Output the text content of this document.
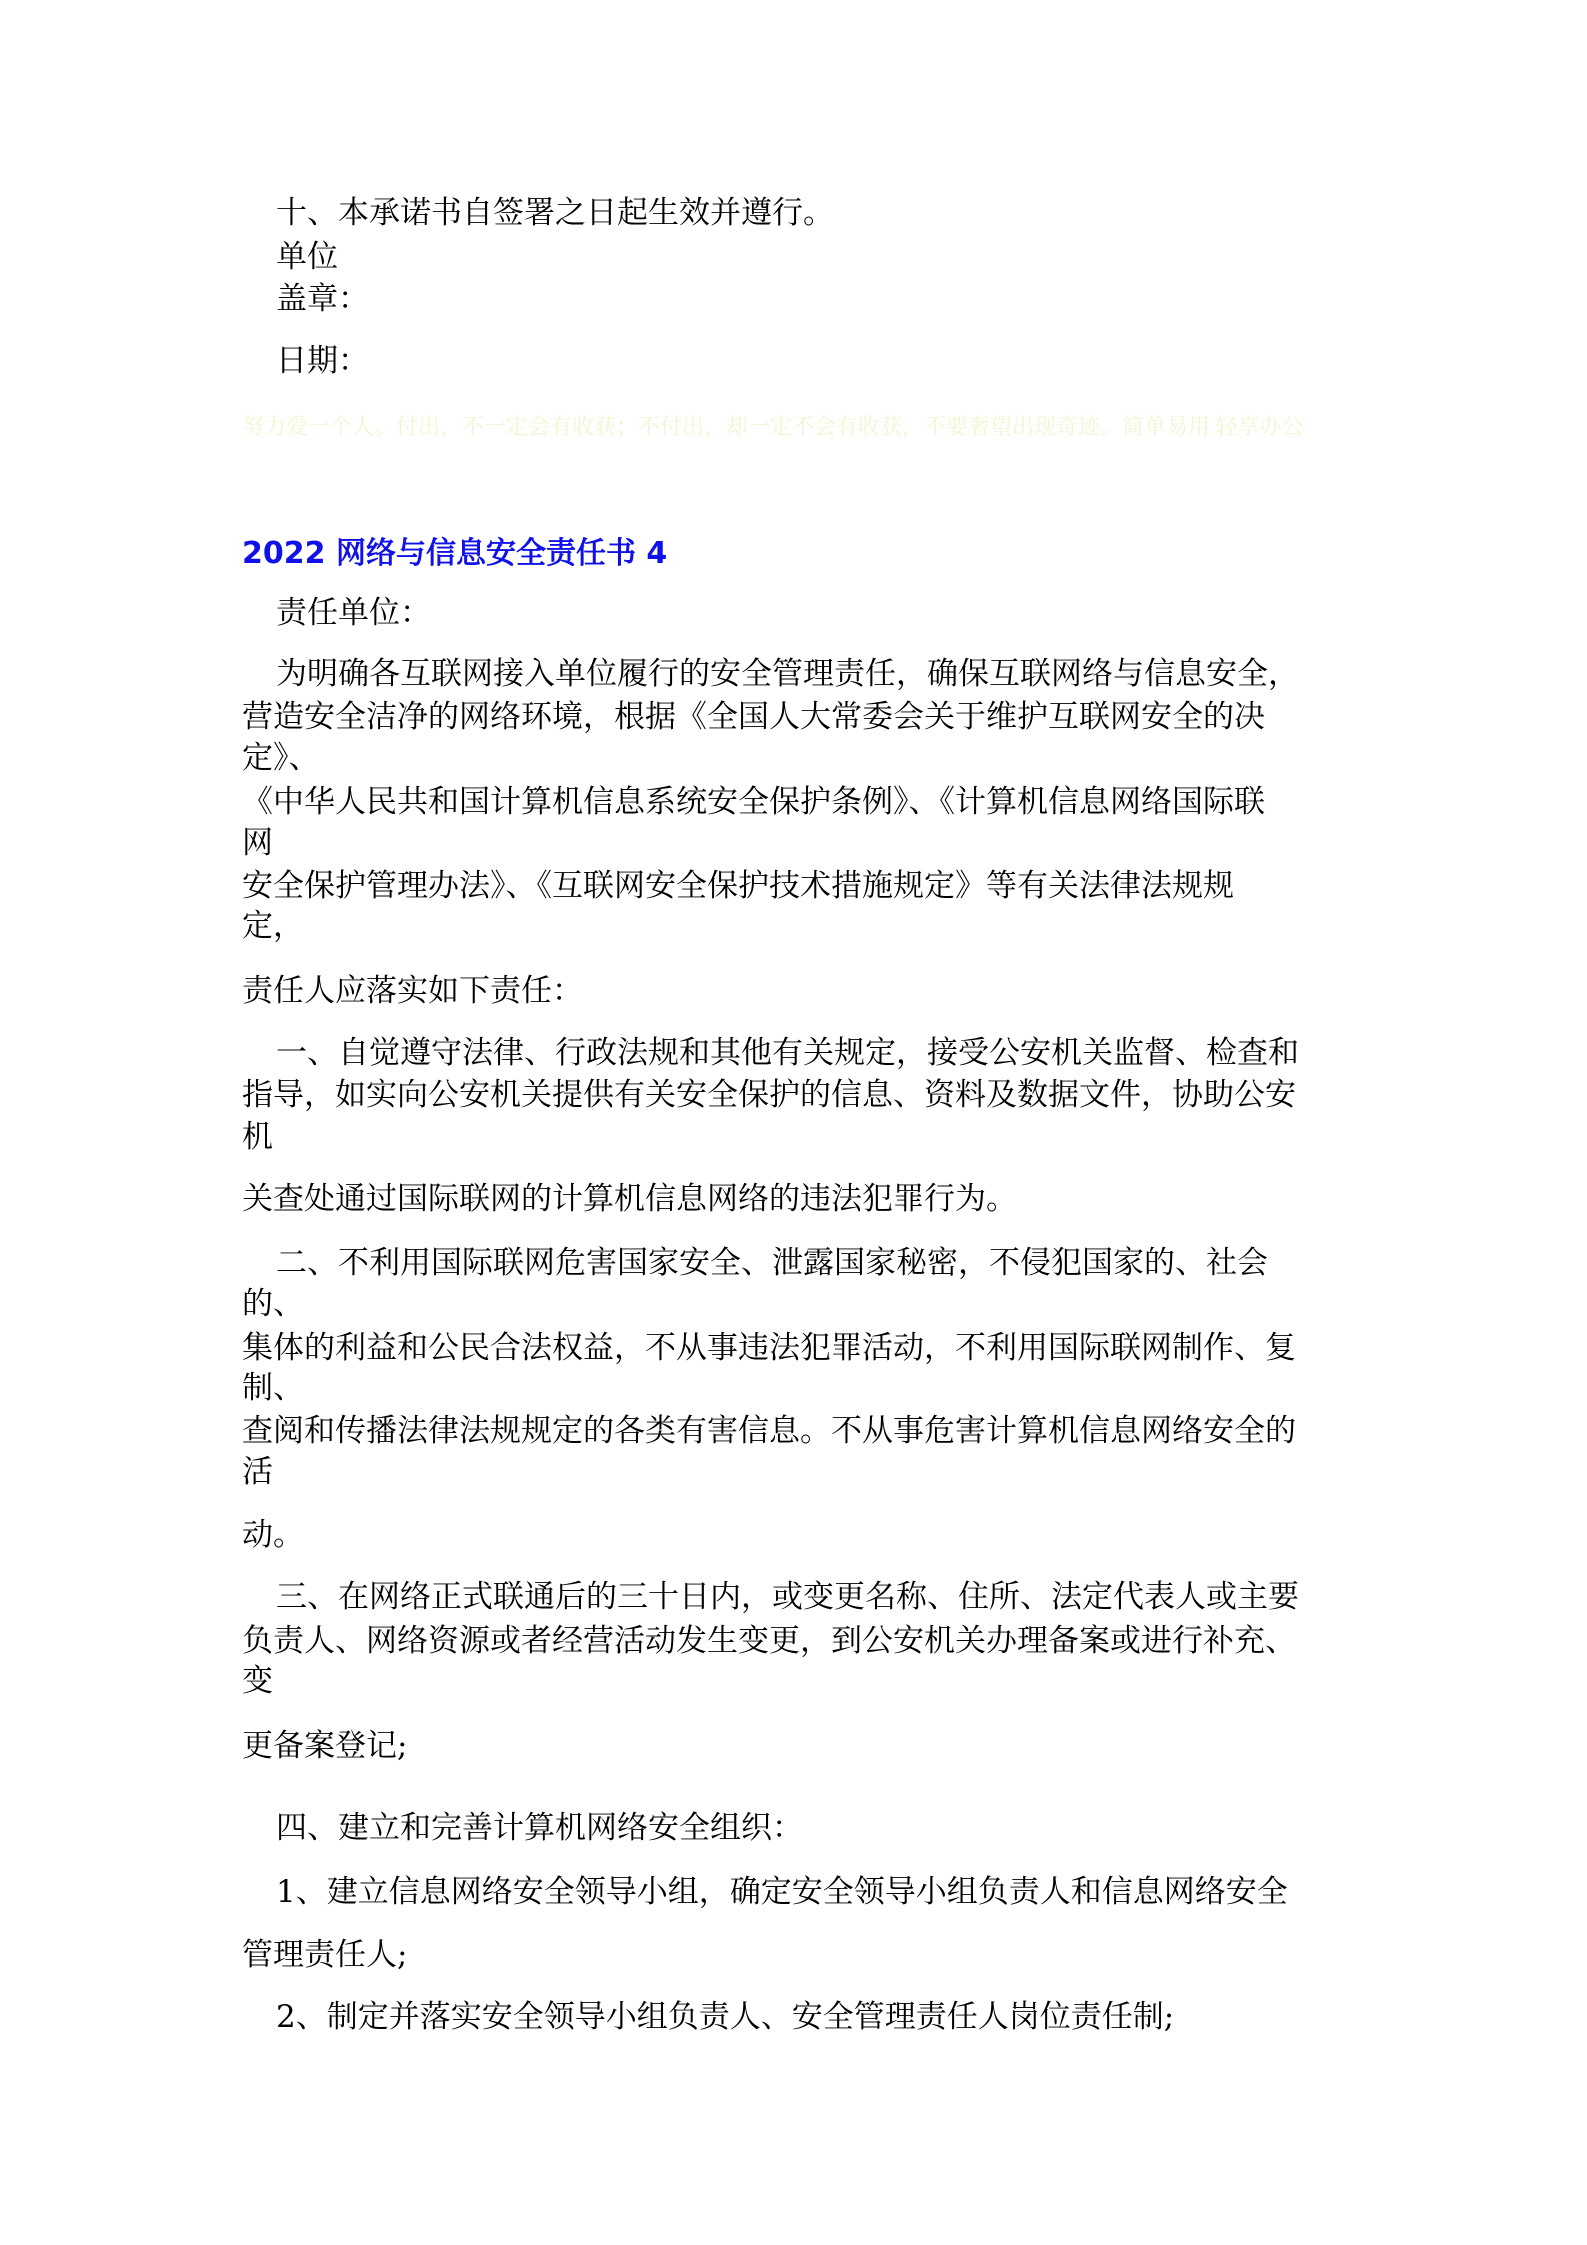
十、本承诺书自签署之日起生效并遵行。
单位
盖章：
日期：
努力爱一个人。付出，不一定会有收获；不付出，却一定不会有收获，不要奢望出现奇迹。简单易用 轻享办公
2022 网络与信息安全责任书 4
责任单位：
为明确各互联网接入单位履行的安全管理责任，确保互联网络与信息安全，
营造安全洁净的网络环境，根据《全国人大常委会关于维护互联网安全的决
定》、
《中华人民共和国计算机信息系统安全保护条例》、《计算机信息网络国际联
网
安全保护管理办法》、《互联网安全保护技术措施规定》等有关法律法规规
定，
责任人应落实如下责任：
一、自觉遵守法律、行政法规和其他有关规定，接受公安机关监督、检查和
指导，如实向公安机关提供有关安全保护的信息、资料及数据文件，协助公安
机
关查处通过国际联网的计算机信息网络的违法犯罪行为。
二、不利用国际联网危害国家安全、泄露国家秘密，不侵犯国家的、社会
的、
集体的利益和公民合法权益，不从事违法犯罪活动，不利用国际联网制作、复
制、
查阅和传播法律法规规定的各类有害信息。不从事危害计算机信息网络安全的
活
动。
三、在网络正式联通后的三十日内，或变更名称、住所、法定代表人或主要
负责人、网络资源或者经营活动发生变更，到公安机关办理备案或进行补充、
变
更备案登记;
四、建立和完善计算机网络安全组织：
1、建立信息网络安全领导小组，确定安全领导小组负责人和信息网络安全
管理责任人;
2、制定并落实安全领导小组负责人、安全管理责任人岗位责任制;
